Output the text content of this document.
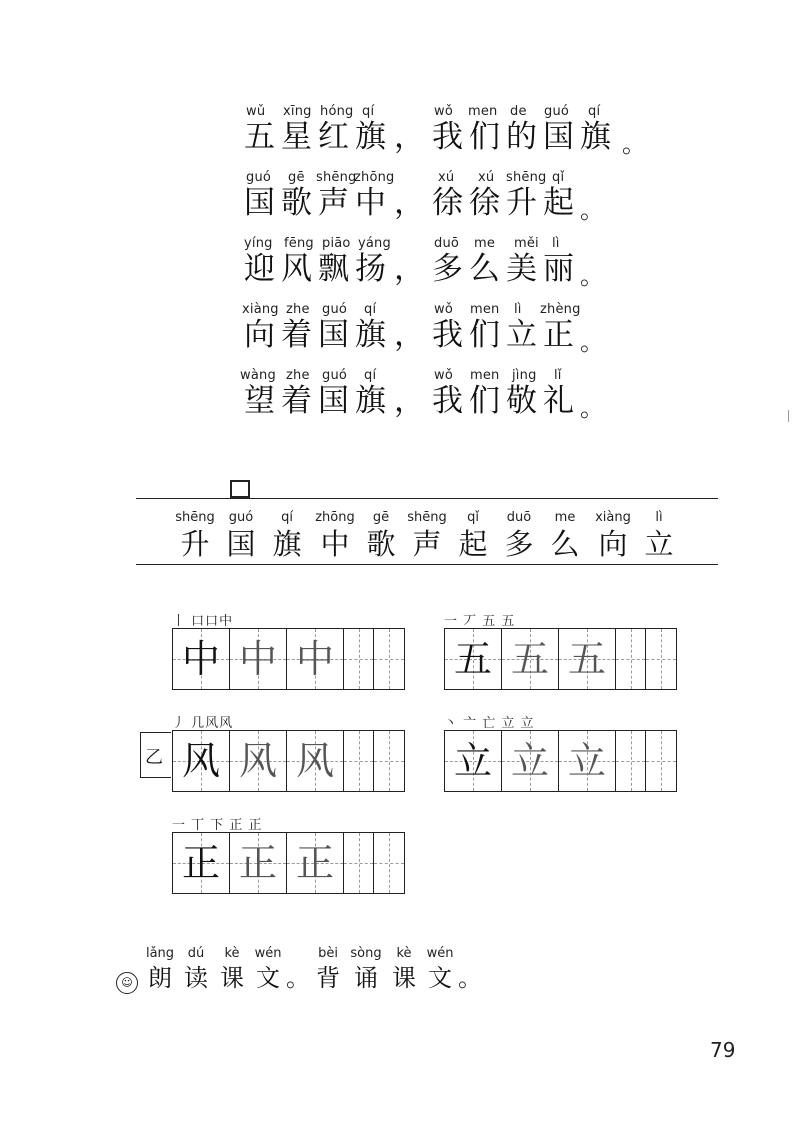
wǔ xīng hóng qí	wǒ men de guó qí
五星红旗 ， 我们的国旗 。
guó gē shēng
zhōng	xú xú shēng qǐ
国歌声中 ， 徐徐升起 。
yíng fēng piāo yáng	duō me měi lì
迎风飘扬 ， 多么美丽 。
xiàng zhe guó qí	wǒ men lì zhèng
向着国旗 ， 我们立正 。
wàng zhe guó qí	wǒ men jìng lǐ
望着国旗 ， 我们敬礼 。
shēng
升
guó
国
qí
旗
zhōng
中
gē
歌
shēng
声
qǐ
起
duō
多
me
么
xiàng
向
lì
立
丨 口口中
中 中 中
一 丆 五 五
五 五 五
乙
丿 几风风
风 风 风
丶 亠 亡 立 立
立 立 立
一 丅 下 正 正
正 正 正
☺
lǎng
朗
dú
读
kè
课
wén
文 。
bèi
背
sòng
诵
kè
课
wén
文 。
79
